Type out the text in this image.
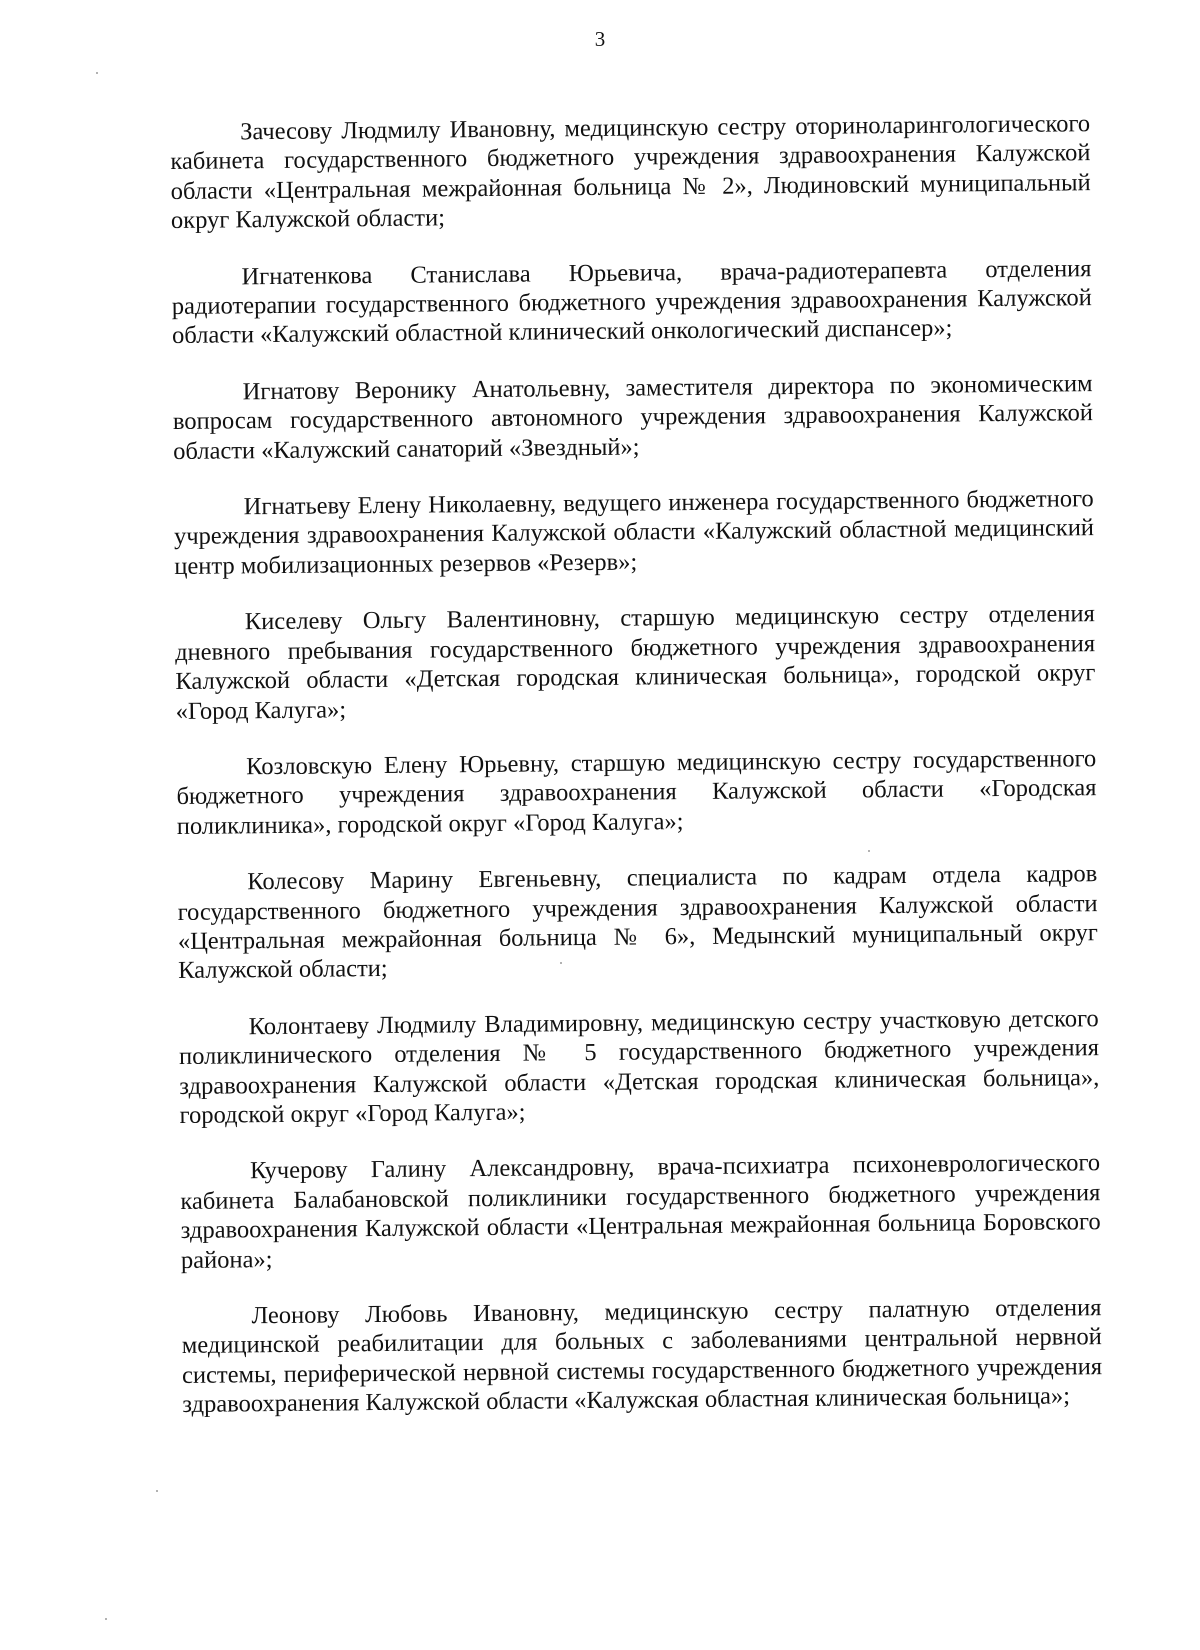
3

Зачесову Людмилу Ивановну, медицинскую сестру оториноларингологического кабинета государственного бюджетного учреждения здравоохранения Калужской области «Центральная межрайонная больница № 2», Людиновский муниципальный округ Калужской области;

Игнатенкова Станислава Юрьевича, врача-радиотерапевта отделения радиотерапии государственного бюджетного учреждения здравоохранения Калужской области «Калужский областной клинический онкологический диспансер»;

Игнатову Веронику Анатольевну, заместителя директора по экономическим вопросам государственного автономного учреждения здравоохранения Калужской области «Калужский санаторий «Звездный»;

Игнатьеву Елену Николаевну, ведущего инженера государственного бюджетного учреждения здравоохранения Калужской области «Калужский областной медицинский центр мобилизационных резервов «Резерв»;

Киселеву Ольгу Валентиновну, старшую медицинскую сестру отделения дневного пребывания государственного бюджетного учреждения здравоохранения Калужской области «Детская городская клиническая больница», городской округ «Город Калуга»;

Козловскую Елену Юрьевну, старшую медицинскую сестру государственного бюджетного учреждения здравоохранения Калужской области «Городская поликлиника», городской округ «Город Калуга»;

Колесову Марину Евгеньевну, специалиста по кадрам отдела кадров государственного бюджетного учреждения здравоохранения Калужской области «Центральная межрайонная больница № 6», Медынский муниципальный округ Калужской области;

Колонтаеву Людмилу Владимировну, медицинскую сестру участковую детского поликлинического отделения № 5 государственного бюджетного учреждения здравоохранения Калужской области «Детская городская клиническая больница», городской округ «Город Калуга»;

Кучерову Галину Александровну, врача-психиатра психоневрологического кабинета Балабановской поликлиники государственного бюджетного учреждения здравоохранения Калужской области «Центральная межрайонная больница Боровского района»;

Леонову Любовь Ивановну, медицинскую сестру палатную отделения медицинской реабилитации для больных с заболеваниями центральной нервной системы, периферической нервной системы государственного бюджетного учреждения здравоохранения Калужской области «Калужская областная клиническая больница»;
